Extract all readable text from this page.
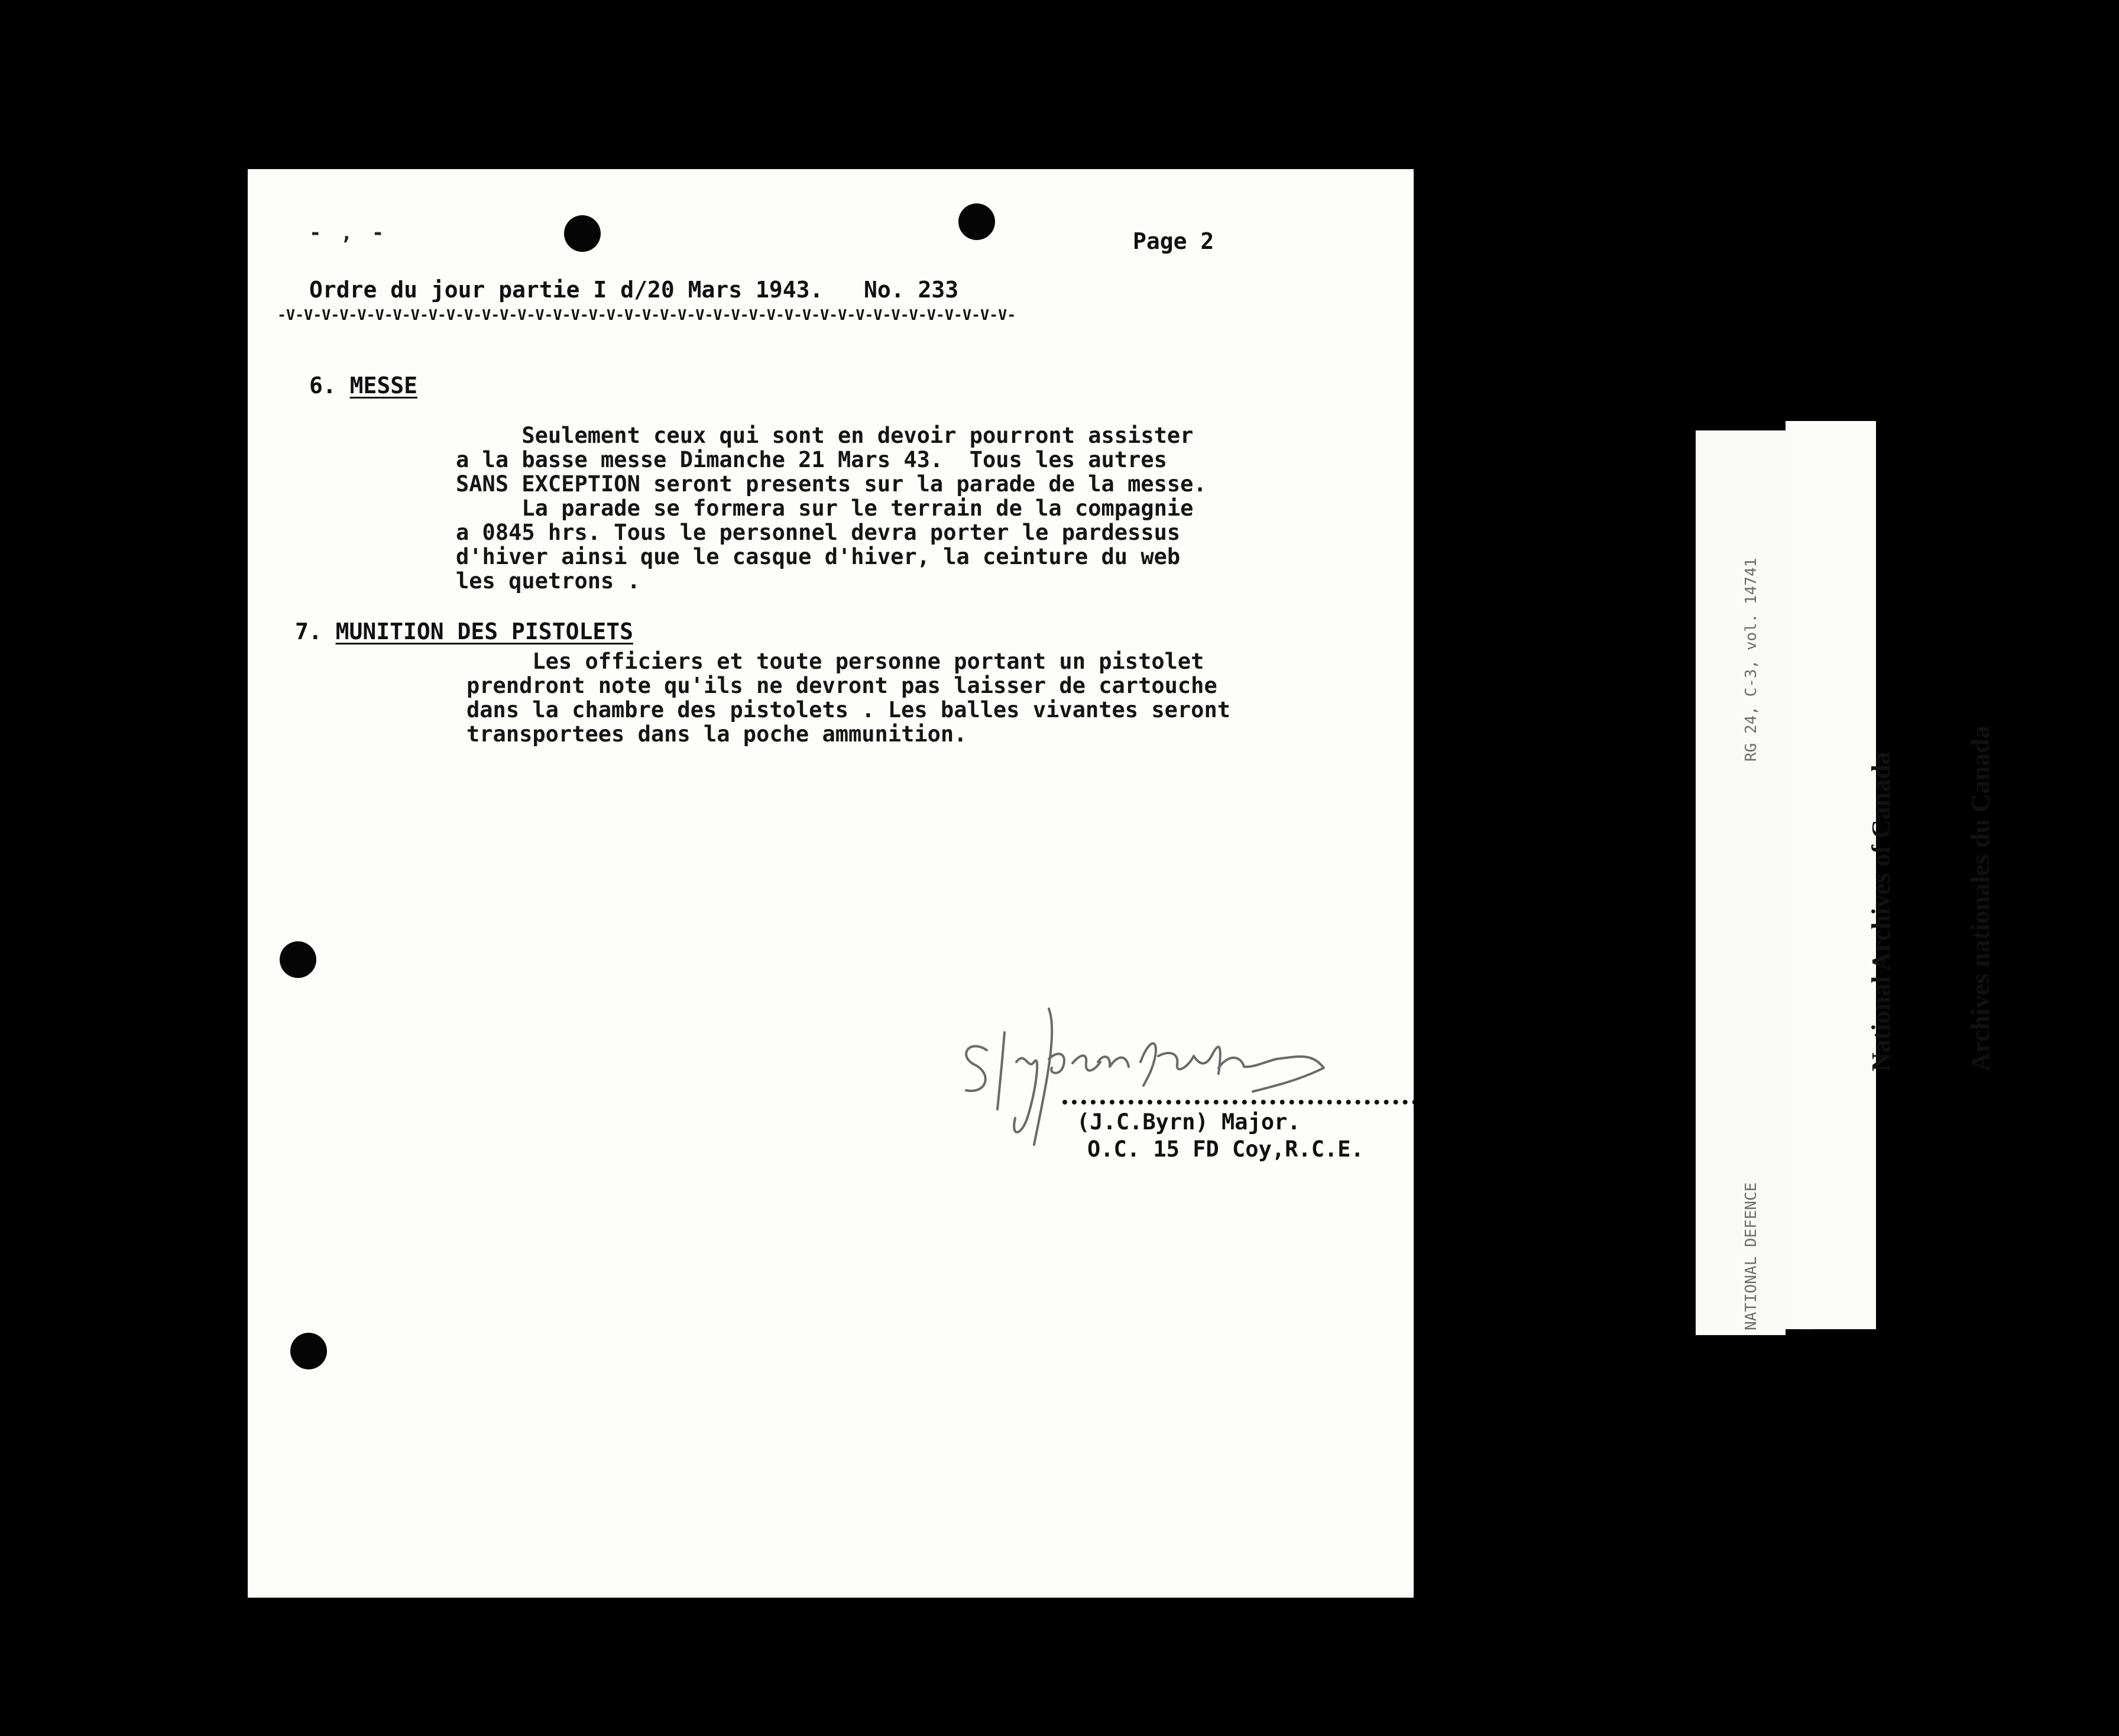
- , -	Page 2
Ordre du jour partie I d/20 Mars 1943.   No. 233
-V-V-V-V-V-V-V-V-V-V-V-V-V-V-V-V-V-V-V-V-V-V-V-V-V-V-V-V-V-V-V-V-V-V-V-V-V-V-V-V-V-
6. MESSE
Seulement ceux qui sont en devoir pourront assister
a la basse messe Dimanche 21 Mars 43.  Tous les autres
SANS EXCEPTION seront presents sur la parade de la messe.
La parade se formera sur le terrain de la compagnie
a 0845 hrs. Tous le personnel devra porter le pardessus
d'hiver ainsi que le casque d'hiver, la ceinture du web
les quetrons .
7. MUNITION DES PISTOLETS
Les officiers et toute personne portant un pistolet
prendront note qu'ils ne devront pas laisser de cartouche
dans la chambre des pistolets . Les balles vivantes seront
transportees dans la poche ammunition.
(J.C.Byrn) Major.
O.C. 15 FD Coy,R.C.E.

RG 24, C-3, vol. 14741

NATIONAL DEFENCE

National Archives of Canada

	Archives nationales du Canada
